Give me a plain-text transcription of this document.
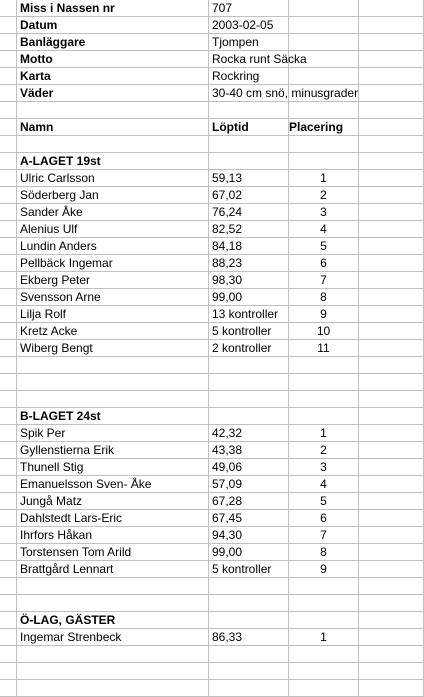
Miss i Nassen nr	707
Datum	2003-02-05
Banläggare	Tjompen
Motto	Rocka runt Säcka
Karta	Rockring
Väder	30-40 cm snö, minusgrader
Namn	Löptid	Placering
A-LAGET 19st
Ulric Carlsson	59,13	1
Söderberg Jan	67,02	2
Sander Åke	76,24	3
Alenius Ulf	82,52	4
Lundin Anders	84,18	5
Pellbäck Ingemar	88,23	6
Ekberg Peter	98,30	7
Svensson Arne	99,00	8
Lilja Rolf	13 kontroller	9
Kretz Acke	5 kontroller	10
Wiberg Bengt	2 kontroller	11
B-LAGET 24st
Spik Per	42,32	1
Gyllenstierna Erik	43,38	2
Thunell Stig	49,06	3
Emanuelsson Sven- Åke	57,09	4
Jungå Matz	67,28	5
Dahlstedt Lars-Eric	67,45	6
Ihrfors Håkan	94,30	7
Torstensen Tom Arild	99,00	8
Brattgård Lennart	5 kontroller	9
Ö-LAG, GÄSTER
Ingemar Strenbeck	86,33	1
